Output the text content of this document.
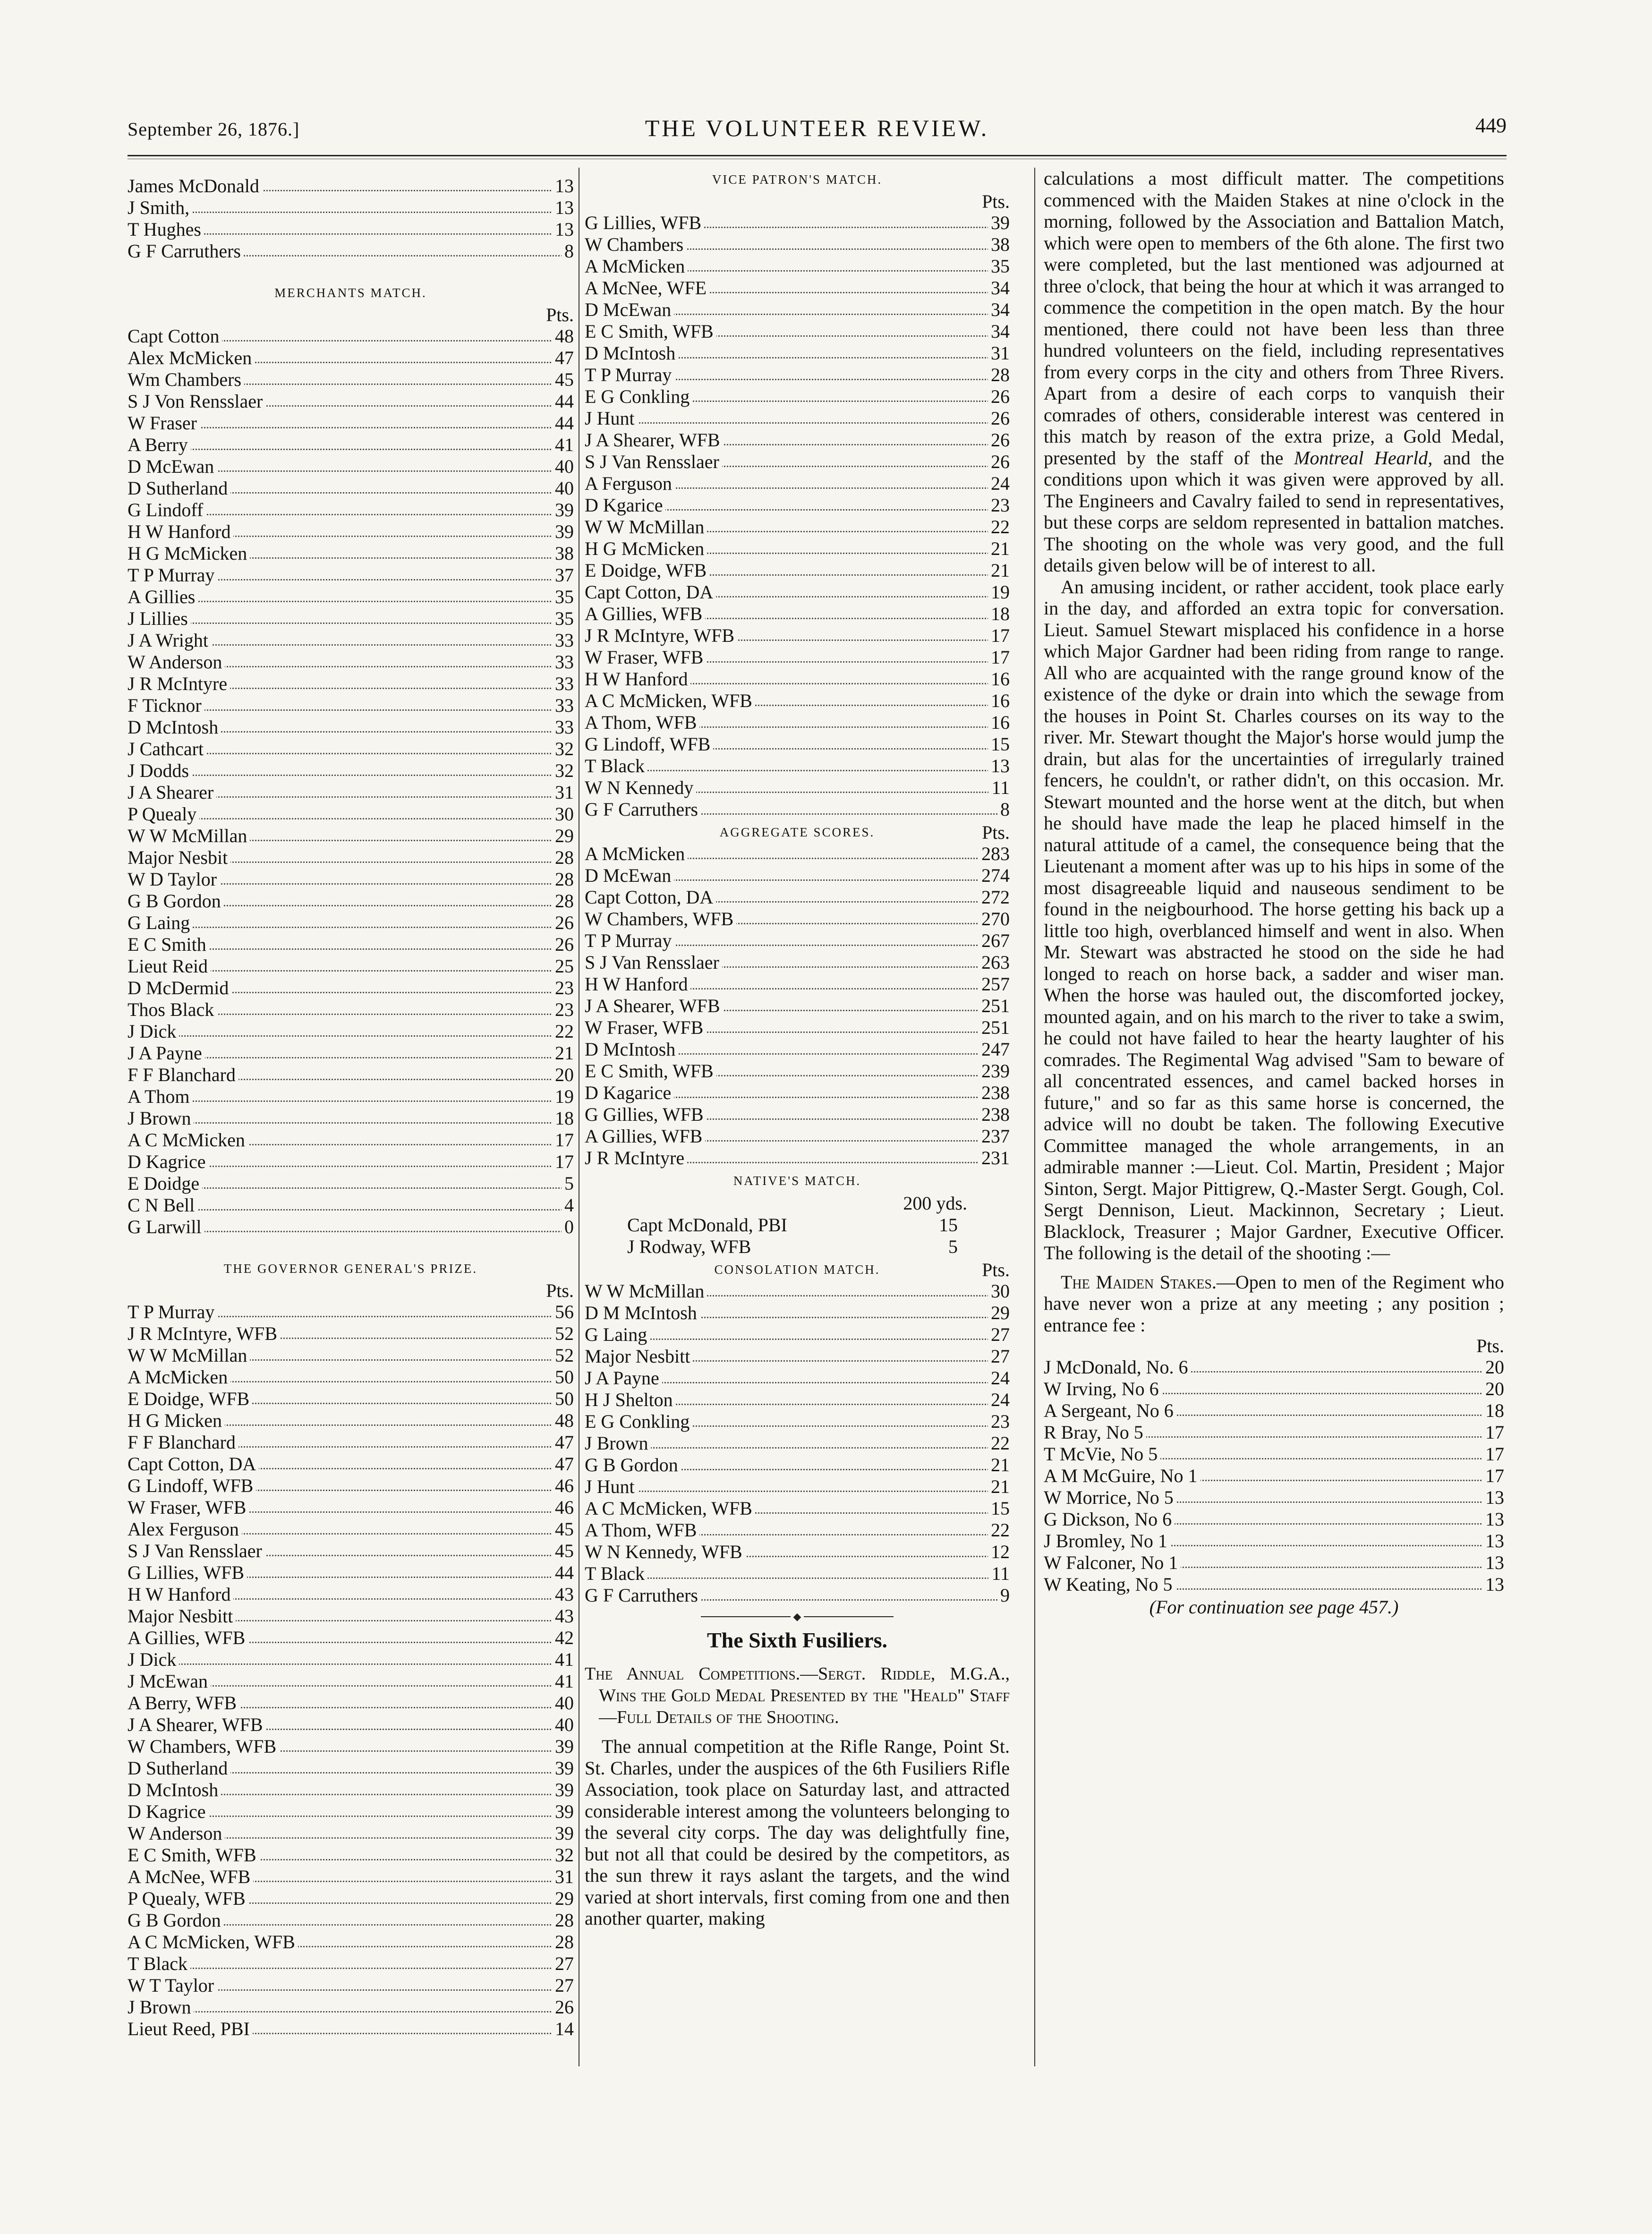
September 26, 1876.]	THE VOLUNTEER REVIEW.	449
James McDonald	13
J Smith,	13
T Hughes	13
G F Carruthers	8
MERCHANTS MATCH.
Pts.
Capt Cotton	48
Alex McMicken	47
Wm Chambers	45
S J Von Rensslaer	44
W Fraser	44
A Berry	41
D McEwan	40
D Sutherland	40
G Lindoff	39
H W Hanford	39
H G McMicken	38
T P Murray	37
A Gillies	35
J Lillies	35
J A Wright	33
W Anderson	33
J R McIntyre	33
F Ticknor	33
D McIntosh	33
J Cathcart	32
J Dodds	32
J A Shearer	31
P Quealy	30
W W McMillan	29
Major Nesbit	28
W D Taylor	28
G B Gordon	28
G Laing	26
E C Smith	26
Lieut Reid	25
D McDermid	23
Thos Black	23
J Dick	22
J A Payne	21
F F Blanchard	20
A Thom	19
J Brown	18
A C McMicken	17
D Kagrice	17
E Doidge	5
C N Bell	4
G Larwill	0
THE GOVERNOR GENERAL'S PRIZE.
Pts.
T P Murray	56
J R McIntyre, WFB	52
W W McMillan	52
A McMicken	50
E Doidge, WFB	50
H G Micken	48
F F Blanchard	47
Capt Cotton, DA	47
G Lindoff, WFB	46
W Fraser, WFB	46
Alex Ferguson	45
S J Van Rensslaer	45
G Lillies, WFB	44
H W Hanford	43
Major Nesbitt	43
A Gillies, WFB	42
J Dick	41
J McEwan	41
A Berry, WFB	40
J A Shearer, WFB	40
W Chambers, WFB	39
D Sutherland	39
D McIntosh	39
D Kagrice	39
W Anderson	39
E C Smith, WFB	32
A McNee, WFB	31
P Quealy, WFB	29
G B Gordon	28
A C McMicken, WFB	28
T Black	27
W T Taylor	27
J Brown	26
Lieut Reed, PBI	14
VICE PATRON'S MATCH.
Pts.
G Lillies, WFB	39
W Chambers	38
A McMicken	35
A McNee, WFE	34
D McEwan	34
E C Smith, WFB	34
D McIntosh	31
T P Murray	28
E G Conkling	26
J Hunt	26
J A Shearer, WFB	26
S J Van Rensslaer	26
A Ferguson	24
D Kgarice	23
W W McMillan	22
H G McMicken	21
E Doidge, WFB	21
Capt Cotton, DA	19
A Gillies, WFB	18
J R McIntyre, WFB	17
W Fraser, WFB	17
H W Hanford	16
A C McMicken, WFB	16
A Thom, WFB	16
G Lindoff, WFB	15
T Black	13
W N Kennedy	11
G F Carruthers	8
AGGREGATE SCORES.	Pts.
A McMicken	283
D McEwan	274
Capt Cotton, DA	272
W Chambers, WFB	270
T P Murray	267
S J Van Rensslaer	263
H W Hanford	257
J A Shearer, WFB	251
W Fraser, WFB	251
D McIntosh	247
E C Smith, WFB	239
D Kagarice	238
G Gillies, WFB	238
A Gillies, WFB	237
J R McIntyre	231
NATIVE'S MATCH.
200 yds.
Capt McDonald, PBI	15
J Rodway, WFB	5
CONSOLATION MATCH.	Pts.
W W McMillan	30
D M McIntosh	29
G Laing	27
Major Nesbitt	27
J A Payne	24
H J Shelton	24
E G Conkling	23
J Brown	22
G B Gordon	21
J Hunt	21
A C McMicken, WFB	15
A Thom, WFB	22
W N Kennedy, WFB	12
T Black	11
G F Carruthers	9
◆
The Sixth Fusiliers.
The Annual Competitions.—Sergt. Riddle, M.G.A., Wins the Gold Medal Presented by the "Heald" Staff—Full Details of the Shooting.
The annual competition at the Rifle Range, Point St. St. Charles, under the auspices of the 6th Fusiliers Rifle Association, took place on Saturday last, and attracted considerable interest among the volunteers belonging to the several city corps. The day was delightfully fine, but not all that could be desired by the competitors, as the sun threw it rays aslant the targets, and the wind varied at short intervals, first coming from one and then another quarter, making
calculations a most difficult matter. The competitions commenced with the Maiden Stakes at nine o'clock in the morning, followed by the Association and Battalion Match, which were open to members of the 6th alone. The first two were completed, but the last mentioned was adjourned at three o'clock, that being the hour at which it was arranged to commence the competition in the open match. By the hour mentioned, there could not have been less than three hundred volunteers on the field, including representatives from every corps in the city and others from Three Rivers. Apart from a desire of each corps to vanquish their comrades of others, considerable interest was centered in this match by reason of the extra prize, a Gold Medal, presented by the staff of the Montreal Hearld, and the conditions upon which it was given were approved by all. The Engineers and Cavalry failed to send in representatives, but these corps are seldom represented in battalion matches. The shooting on the whole was very good, and the full details given below will be of interest to all.
An amusing incident, or rather accident, took place early in the day, and afforded an extra topic for conversation. Lieut. Samuel Stewart misplaced his confidence in a horse which Major Gardner had been riding from range to range. All who are acquainted with the range ground know of the existence of the dyke or drain into which the sewage from the houses in Point St. Charles courses on its way to the river. Mr. Stewart thought the Major's horse would jump the drain, but alas for the uncertainties of irregularly trained fencers, he couldn't, or rather didn't, on this occasion. Mr. Stewart mounted and the horse went at the ditch, but when he should have made the leap he placed himself in the natural attitude of a camel, the consequence being that the Lieutenant a moment after was up to his hips in some of the most disagreeable liquid and nauseous sendiment to be found in the neigbourhood. The horse getting his back up a little too high, overblanced himself and went in also. When Mr. Stewart was abstracted he stood on the side he had longed to reach on horse back, a sadder and wiser man. When the horse was hauled out, the discomforted jockey, mounted again, and on his march to the river to take a swim, he could not have failed to hear the hearty laughter of his comrades. The Regimental Wag advised "Sam to beware of all concentrated essences, and camel backed horses in future," and so far as this same horse is concerned, the advice will no doubt be taken. The following Executive Committee managed the whole arrangements, in an admirable manner :—Lieut. Col. Martin, President ; Major Sinton, Sergt. Major Pittigrew, Q.-Master Sergt. Gough, Col. Sergt Dennison, Lieut. Mackinnon, Secretary ; Lieut. Blacklock, Treasurer ; Major Gardner, Executive Officer. The following is the detail of the shooting :—
The Maiden Stakes.—Open to men of the Regiment who have never won a prize at any meeting ; any position ; entrance fee :
Pts.
J McDonald, No. 6	20
W Irving, No 6	20
A Sergeant, No 6	18
R Bray, No 5	17
T McVie, No 5	17
A M McGuire, No 1	17
W Morrice, No 5	13
G Dickson, No 6	13
J Bromley, No 1	13
W Falconer, No 1	13
W Keating, No 5	13
(For continuation see page 457.)
